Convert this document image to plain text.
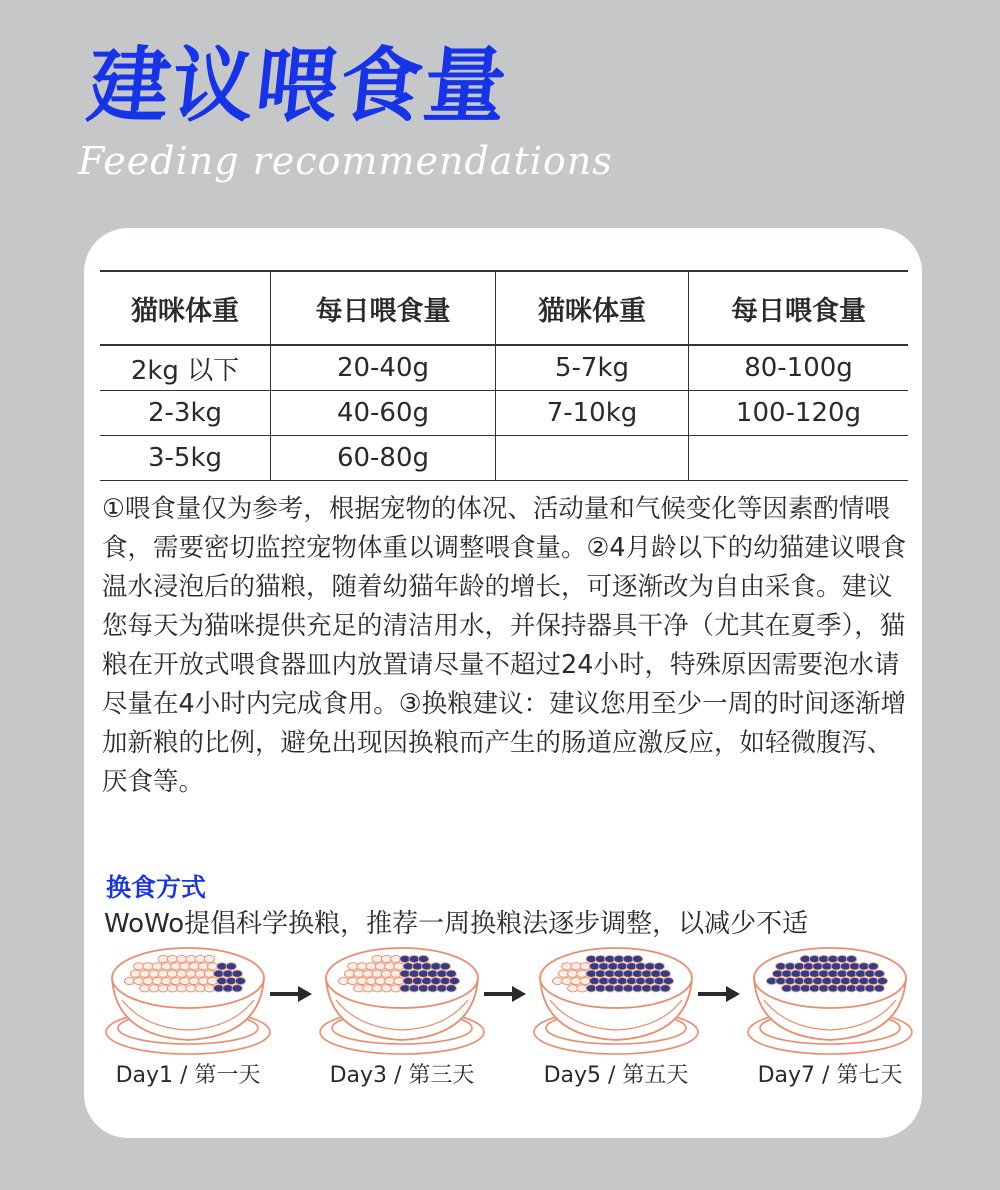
建议喂食量

Feeding recommendations

猫咪体重	每日喂食量	猫咪体重	每日喂食量
2kg 以下	20-40g	5-7kg	80-100g
2-3kg	40-60g	7-10kg	100-120g
3-5kg	60-80g		

①喂食量仅为参考，根据宠物的体况、活动量和气候变化等因素酌情喂食，需要密切监控宠物体重以调整喂食量。②4月龄以下的幼猫建议喂食温水浸泡后的猫粮，随着幼猫年龄的增长，可逐渐改为自由采食。建议您每天为猫咪提供充足的清洁用水，并保持器具干净（尤其在夏季），猫粮在开放式喂食器皿内放置请尽量不超过24小时，特殊原因需要泡水请尽量在4小时内完成食用。③换粮建议：建议您用至少一周的时间逐渐增加新粮的比例，避免出现因换粮而产生的肠道应激反应，如轻微腹泻、厌食等。

换食方式

WoWo提倡科学换粮，推荐一周换粮法逐步调整，以减少不适

Day1 / 第一天	Day3 / 第三天	Day5 / 第五天	Day7 / 第七天
